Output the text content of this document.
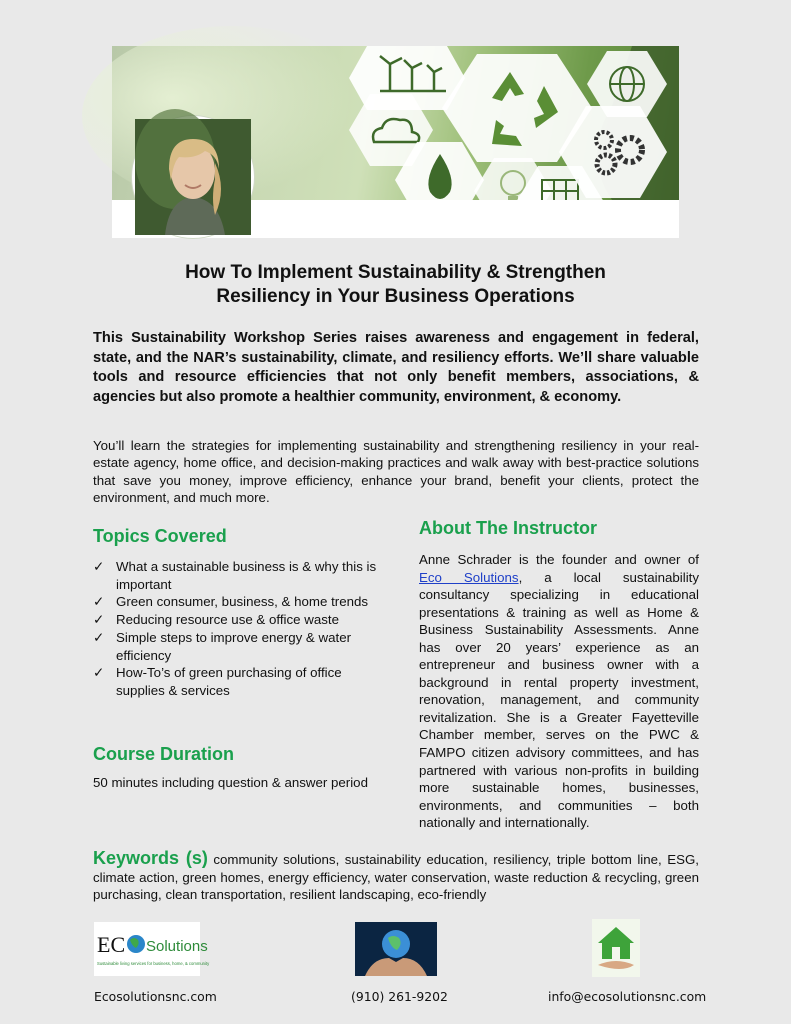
How To Implement Sustainability & Strengthen
Resiliency in Your Business Operations
This Sustainability Workshop Series raises awareness and engagement in federal, state, and the NAR’s sustainability, climate, and resiliency efforts. We’ll share valuable tools and resource efficiencies that not only benefit members, associations, & agencies but also promote a healthier community, environment, & economy.
You’ll learn the strategies for implementing sustainability and strengthening resiliency in your real-estate agency, home office, and decision-making practices and walk away with best-practice solutions that save you money, improve efficiency, enhance your brand, benefit your clients, protect the environment, and much more.
Topics Covered
✓ What a sustainable business is & why this is important
✓ Green consumer, business, & home trends
✓ Reducing resource use & office waste
✓ Simple steps to improve energy & water efficiency
✓ How-To’s of green purchasing of office supplies & services
Course Duration
50 minutes including question & answer period
About The Instructor
Anne Schrader is the founder and owner of Eco Solutions, a local sustainability consultancy specializing in educational presentations & training as well as Home & Business Sustainability Assessments. Anne has over 20 years’ experience as an entrepreneur and business owner with a background in rental property investment, renovation, management, and community revitalization. She is a Greater Fayetteville Chamber member, serves on the PWC & FAMPO citizen advisory committees, and has partnered with various non-profits in building more sustainable homes, businesses, environments, and communities – both nationally and internationally.
Keywords (s) community solutions, sustainability education, resiliency, triple bottom line, ESG, climate action, green homes, energy efficiency, water conservation, waste reduction & recycling, green purchasing, clean transportation, resilient landscaping, eco-friendly
EC Solutions
Sustainable living services for business, home, & community
Ecosolutionsnc.com	(910) 261-9202	info@ecosolutionsnc.com
